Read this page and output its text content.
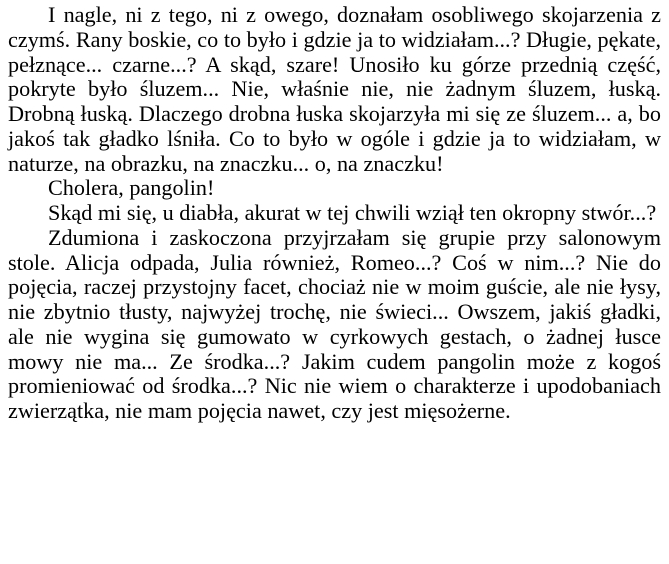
I nagle, ni z tego, ni z owego, doznałam osobliwego skojarzenia z czymś. Rany boskie, co to było i gdzie ja to widziałam...? Długie, pękate, pełznące... czarne...? A skąd, szare! Unosiło ku górze przednią część, pokryte było śluzem... Nie, właśnie nie, nie żadnym śluzem, łuską. Drobną łuską. Dlaczego drobna łuska skojarzyła mi się ze śluzem... a, bo jakoś tak gładko lśniła. Co to było w ogóle i gdzie ja to widziałam, w naturze, na obrazku, na znaczku... o, na znaczku!

Cholera, pangolin!

Skąd mi się, u diabła, akurat w tej chwili wziął ten okropny stwór...?

Zdumiona i zaskoczona przyjrzałam się grupie przy salonowym stole. Alicja odpada, Julia również, Romeo...? Coś w nim...? Nie do pojęcia, raczej przystojny facet, chociaż nie w moim guście, ale nie łysy, nie zbytnio tłusty, najwyżej trochę, nie świeci... Owszem, jakiś gładki, ale nie wygina się gumowato w cyrkowych gestach, o żadnej łusce mowy nie ma... Ze środka...? Jakim cudem pangolin może z kogoś promieniować od środka...? Nic nie wiem o charakterze i upodobaniach zwierzątka, nie mam pojęcia nawet, czy jest mięsożerne.
